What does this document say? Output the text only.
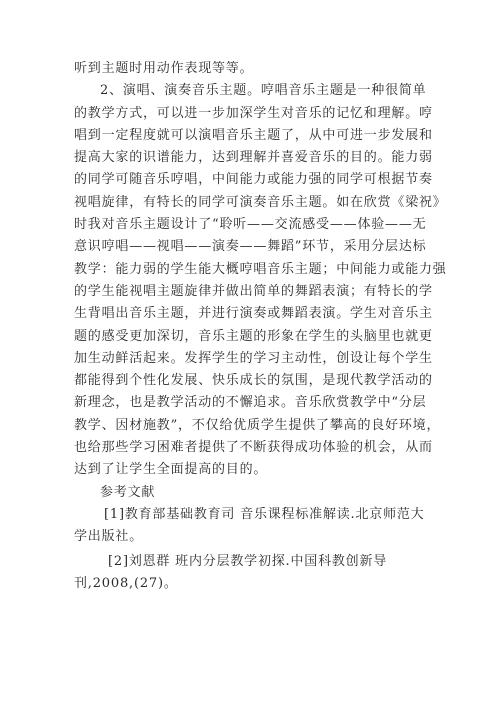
听到主题时用动作表现等等。
2、演唱、演奏音乐主题。哼唱音乐主题是一种很简单
的教学方式，可以进一步加深学生对音乐的记忆和理解。哼
唱到一定程度就可以演唱音乐主题了，从中可进一步发展和
提高大家的识谱能力，达到理解并喜爱音乐的目的。能力弱
的同学可随音乐哼唱，中间能力或能力强的同学可根据节奏
视唱旋律，有特长的同学可演奏音乐主题。如在欣赏《梁祝》
时我对音乐主题设计了“聆听——交流感受——体验——无
意识哼唱——视唱——演奏——舞蹈”环节，采用分层达标
教学：能力弱的学生能大概哼唱音乐主题；中间能力或能力强
的学生能视唱主题旋律并做出简单的舞蹈表演；有特长的学
生背唱出音乐主题，并进行演奏或舞蹈表演。学生对音乐主
题的感受更加深切，音乐主题的形象在学生的头脑里也就更
加生动鲜活起来。发挥学生的学习主动性，创设让每个学生
都能得到个性化发展、快乐成长的氛围，是现代教学活动的
新理念，也是教学活动的不懈追求。音乐欣赏教学中“分层
教学、因材施教”，不仅给优质学生提供了攀高的良好环境，
也给那些学习困难者提供了不断获得成功体验的机会，从而
达到了让学生全面提高的目的。
参考文献
[1]教育部基础教育司 音乐课程标准解读.北京师范大
学出版社。
[2]刘恩群 班内分层教学初探.中国科教创新导
刊,2008,(27)。
